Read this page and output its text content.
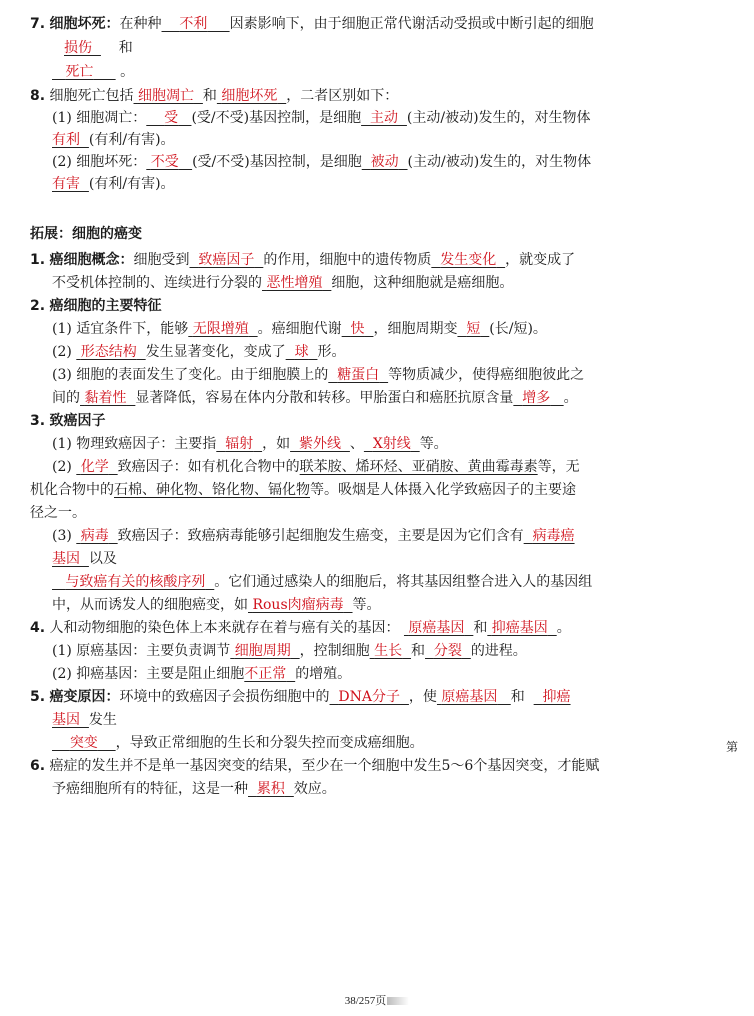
7. 细胞坏死：在种种 不利 因素影响下，由于细胞正常代谢活动受损或中断引起的细胞
损伤 和
死亡 。
8. 细胞死亡包括 细胞凋亡 和 细胞坏死 ，二者区别如下：
(1) 细胞凋亡： 受 (受/不受)基因控制，是细胞 主动 (主动/被动)发生的，对生物体
有利 (有利/有害)。
(2) 细胞坏死： 不受 (受/不受)基因控制，是细胞 被动 (主动/被动)发生的，对生物体
有害 (有利/有害)。
拓展：细胞的癌变
1. 癌细胞概念：细胞受到 致癌因子 的作用，细胞中的遗传物质 发生变化 ，就变成了
不受机体控制的、连续进行分裂的 恶性增殖 细胞，这种细胞就是癌细胞。
2. 癌细胞的主要特征
(1) 适宜条件下，能够 无限增殖 。癌细胞代谢 快 ，细胞周期变 短 (长/短)。
(2) 形态结构 发生显著变化，变成了 球 形。
(3) 细胞的表面发生了变化。由于细胞膜上的 糖蛋白 等物质减少，使得癌细胞彼此之
间的 黏着性 显著降低，容易在体内分散和转移。甲胎蛋白和癌胚抗原含量 增多 。
3. 致癌因子
(1) 物理致癌因子：主要指 辐射 ，如 紫外线 、 X射线 等。
(2) 化学 致癌因子：如有机化合物中的联苯胺、烯环烃、亚硝胺、黄曲霉毒素等，无
机化合物中的石棉、砷化物、铬化物、镉化物等。吸烟是人体摄入化学致癌因子的主要途
径之一。
(3) 病毒 致癌因子：致癌病毒能够引起细胞发生癌变，主要是因为它们含有 病毒癌
基因 以及
与致癌有关的核酸序列 。它们通过感染人的细胞后，将其基因组整合进入人的基因组
中，从而诱发人的细胞癌变，如 Rous肉瘤病毒 等。
4. 人和动物细胞的染色体上本来就存在着与癌有关的基因： 原癌基因 和 抑癌基因 。
(1) 原癌基因：主要负责调节 细胞周期 ，控制细胞 生长 和 分裂 的进程。
(2) 抑癌基因：主要是阻止细胞不正常 的增殖。
5. 癌变原因：环境中的致癌因子会损伤细胞中的 DNA分子 ，使 原癌基因 和 抑癌
基因 发生
突变 ，导致正常细胞的生长和分裂失控而变成癌细胞。
6. 癌症的发生并不是单一基因突变的结果，至少在一个细胞中发生5～6个基因突变，才能赋
予癌细胞所有的特征，这是一种 累积 效应。
第
38/257页
